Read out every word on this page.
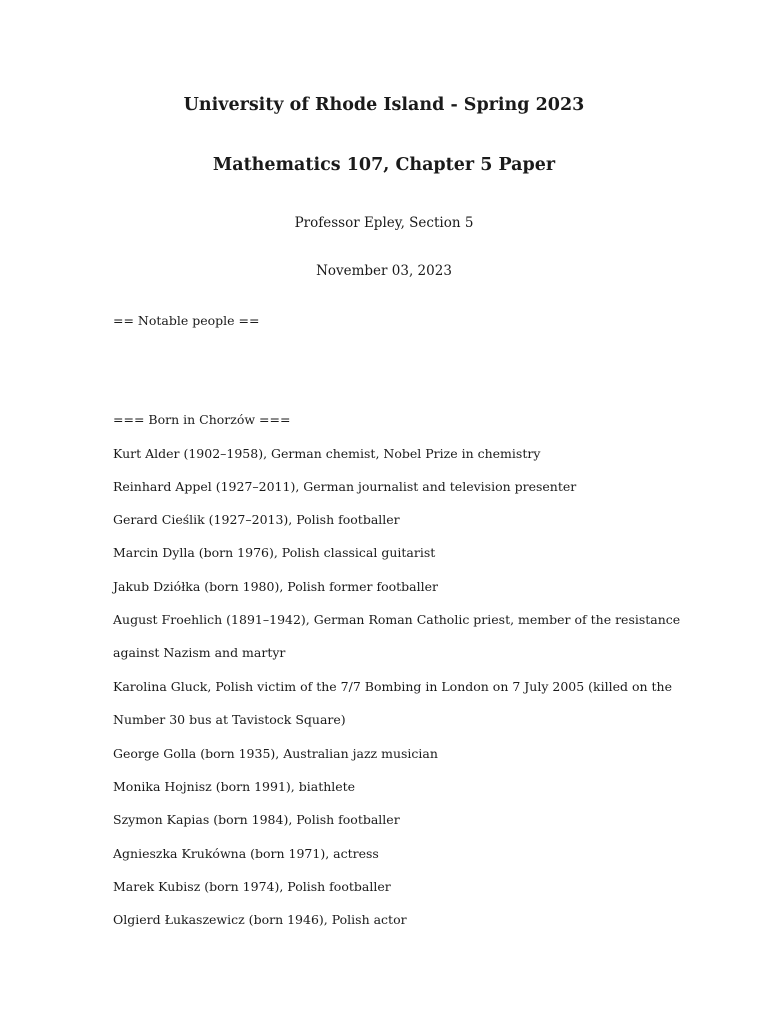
University of Rhode Island - Spring 2023
Mathematics 107, Chapter 5 Paper
Professor Epley, Section 5
November 03, 2023
== Notable people ==
=== Born in Chorzów ===
Kurt Alder (1902–1958), German chemist, Nobel Prize in chemistry
Reinhard Appel (1927–2011), German journalist and television presenter
Gerard Cieślik (1927–2013), Polish footballer
Marcin Dylla (born 1976), Polish classical guitarist
Jakub Dziółka (born 1980), Polish former footballer
August Froehlich (1891–1942), German Roman Catholic priest, member of the resistance
against Nazism and martyr
Karolina Gluck, Polish victim of the 7/7 Bombing in London on 7 July 2005 (killed on the
Number 30 bus at Tavistock Square)
George Golla (born 1935), Australian jazz musician
Monika Hojnisz (born 1991), biathlete
Szymon Kapias (born 1984), Polish footballer
Agnieszka Krukówna (born 1971), actress
Marek Kubisz (born 1974), Polish footballer
Olgierd Łukaszewicz (born 1946), Polish actor
